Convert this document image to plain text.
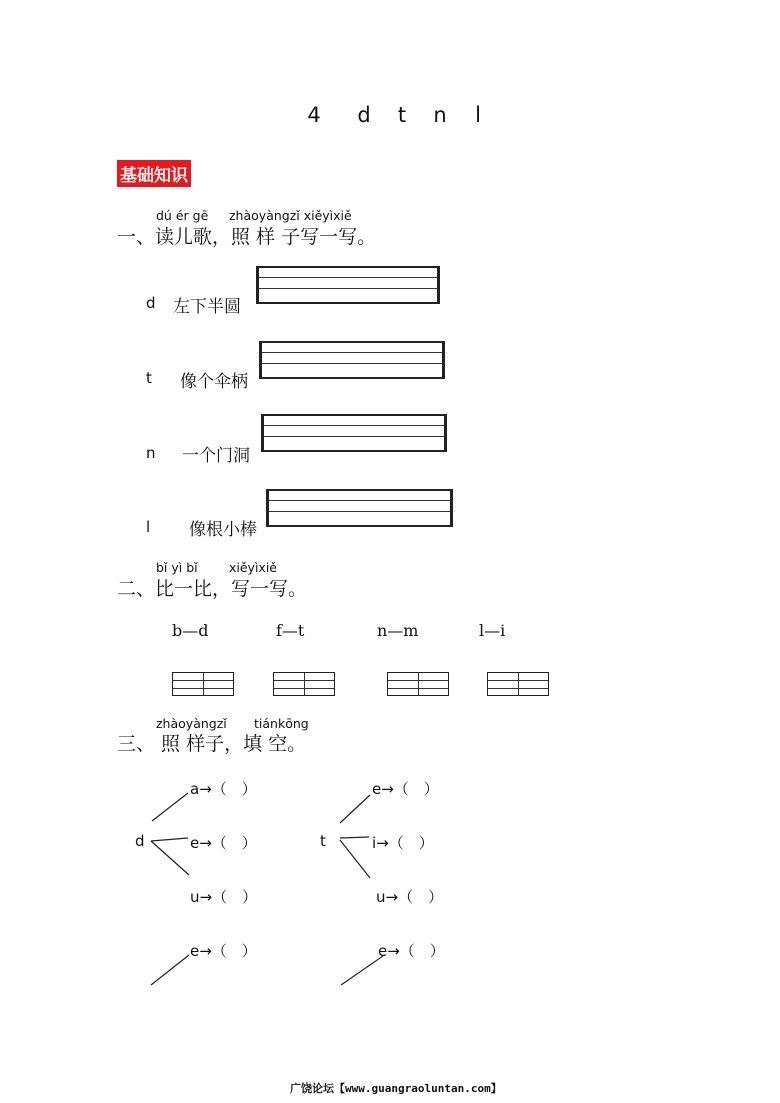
4 d t n l
基础知识
dú ér gē zhàoyàngzǐ xiěyìxiě
一、读儿歌，照 样 子写一写。
d 左下半圆
t 像个伞柄
n 一个门洞
l 像根小棒
bǐ yì bǐ	xiěyìxiě
二、比一比，写一写。
b—d	f—t	n—m	l—i
zhàoyàngzǐ tiánkōng
三、 照 样子，填 空。
d	t
a→（　）
e→（　）
u→（　）
e→（　）
e→（　）
i→（　）
u→（　）
e→（　）
广饶论坛【www.guangraoluntan.com】
